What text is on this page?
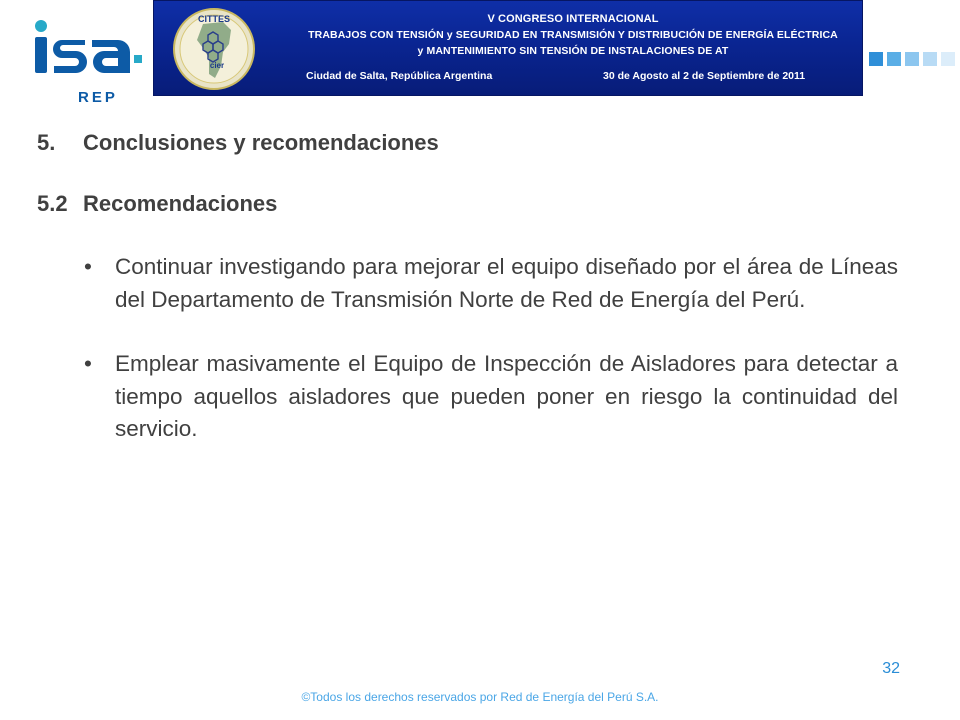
REP
CITTES
cier
V CONGRESO INTERNACIONAL
TRABAJOS CON TENSIÓN y SEGURIDAD EN TRANSMISIÓN Y DISTRIBUCIÓN DE ENERGÍA ELÉCTRICA
y MANTENIMIENTO SIN TENSIÓN DE INSTALACIONES DE AT
Ciudad de Salta, República Argentina	30 de Agosto al 2 de Septiembre de 2011
5. Conclusiones y recomendaciones
5.2 Recomendaciones
• Continuar investigando para mejorar el equipo diseñado por el área de Líneas del Departamento de Transmisión Norte de Red de Energía del Perú.
• Emplear masivamente el Equipo de Inspección de Aisladores para detectar a tiempo aquellos aisladores que pueden poner en riesgo la continuidad del servicio.
32
©Todos los derechos reservados por Red de Energía del Perú S.A.
